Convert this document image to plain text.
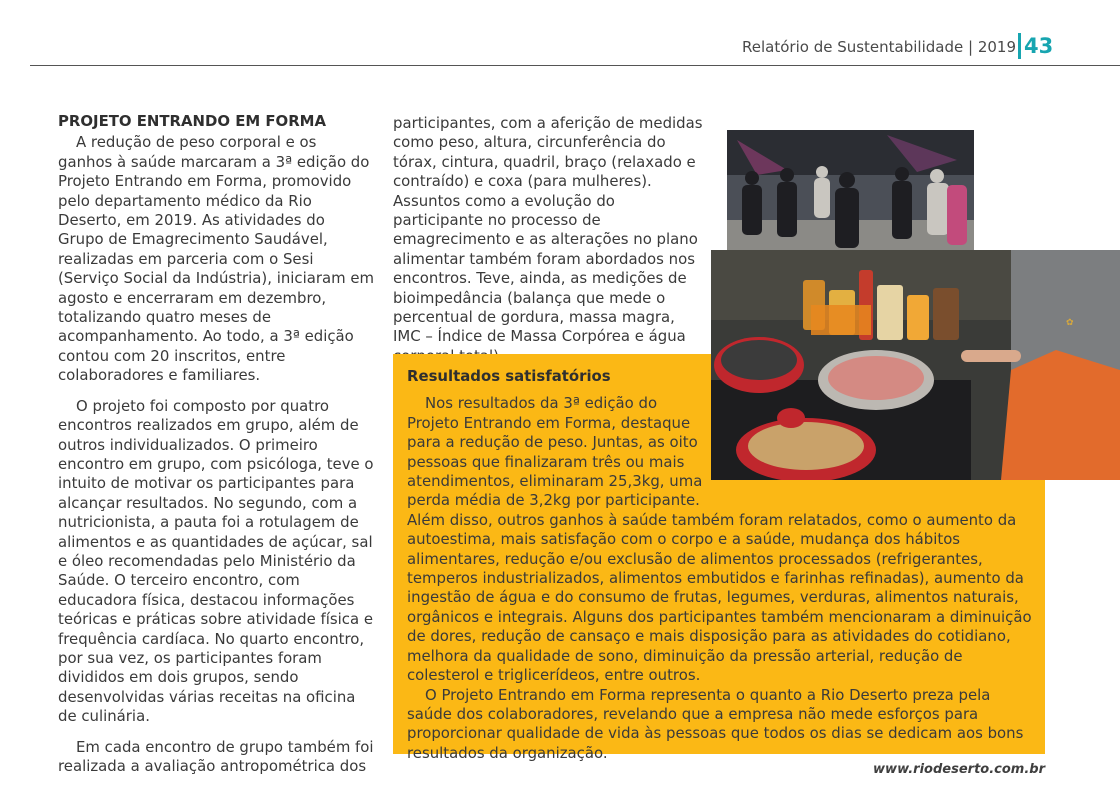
Relatório de Sustentabilidade | 2019 43
PROJETO ENTRANDO EM FORMA

A redução de peso corporal e os ganhos à saúde marcaram a 3ª edição do Projeto Entrando em Forma, promovido pelo departamento médico da Rio Deserto, em 2019. As atividades do Grupo de Emagrecimento Saudável, realizadas em parceria com o Sesi (Serviço Social da Indústria), iniciaram em agosto e encerraram em dezembro, totalizando quatro meses de acompanhamento. Ao todo, a 3ª edição contou com 20 inscritos, entre colaboradores e familiares.

O projeto foi composto por quatro encontros realizados em grupo, além de outros individualizados. O primeiro encontro em grupo, com psicóloga, teve o intuito de motivar os participantes para alcançar resultados. No segundo, com a nutricionista, a pauta foi a rotulagem de alimentos e as quantidades de açúcar, sal e óleo recomendadas pelo Ministério da Saúde. O terceiro encontro, com educadora física, destacou informações teóricas e práticas sobre atividade física e frequência cardíaca. No quarto encontro, por sua vez, os participantes foram divididos em dois grupos, sendo desenvolvidas várias receitas na oficina de culinária.

Em cada encontro de grupo também foi realizada a avaliação antropométrica dos

participantes, com a aferição de medidas como peso, altura, circunferência do tórax, cintura, quadril, braço (relaxado e contraído) e coxa (para mulheres). Assuntos como a evolução do participante no processo de emagrecimento e as alterações no plano alimentar também foram abordados nos encontros. Teve, ainda, as medições de bioimpedância (balança que mede o percentual de gordura, massa magra, IMC – Índice de Massa Corpórea e água

✿
Resultados satisfatórios

Nos resultados da 3ª edição do Projeto Entrando em Forma, destaque para a redução de peso. Juntas, as oito pessoas que finalizaram três ou mais atendimentos, eliminaram 25,3kg, uma perda média de 3,2kg por participante. Além disso, outros ganhos à saúde também foram relatados, como o aumento da autoestima, mais satisfação com o corpo e a saúde, mudança dos hábitos alimentares, redução e/ou exclusão de alimentos processados (refrigerantes, temperos industrializados, alimentos embutidos e farinhas refinadas), aumento da ingestão de água e do consumo de frutas, legumes, verduras, alimentos naturais, orgânicos e integrais. Alguns dos participantes também mencionaram a diminuição de dores, redução de cansaço e mais disposição para as atividades do cotidiano, melhora da qualidade de sono, diminuição da pressão arterial, redução de colesterol e triglicerídeos, entre outros.

O Projeto Entrando em Forma representa o quanto a Rio Deserto preza pela saúde dos colaboradores, revelando que a empresa não mede esforços para proporcionar qualidade de vida às pessoas que todos os dias se dedicam aos bons resultados da organização.

www.riodeserto.com.br
